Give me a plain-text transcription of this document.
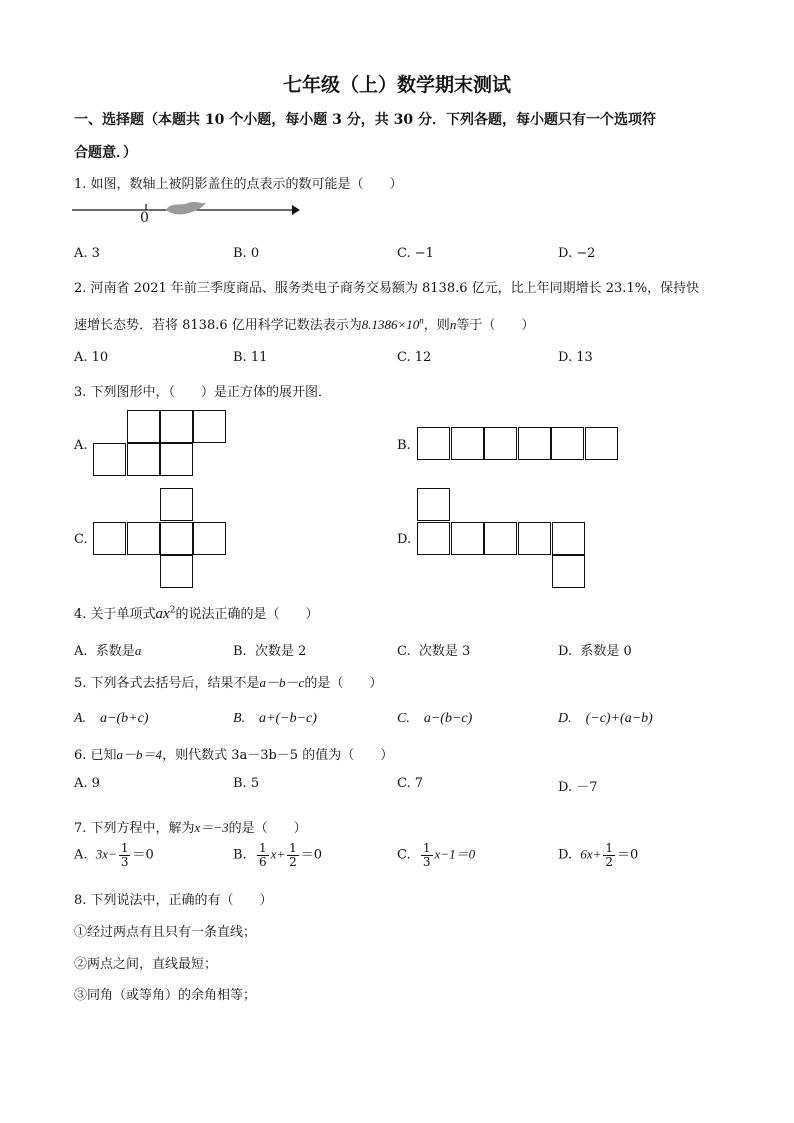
七年级（上）数学期末测试
一、选择题（本题共 10 个小题，每小题 3 分，共 30 分．下列各题，每小题只有一个选项符
合题意．）
1. 如图，数轴上被阴影盖住的点表示的数可能是（　　）
0
A. 3	B. 0	C. −1	D. −2
2. 河南省 2021 年前三季度商品、服务类电子商务交易额为 8138.6 亿元，比上年同期增长 23.1%，保持快
速增长态势．若将 8138.6 亿用科学记数法表示为$8.1386\times 10^n$，则n等于（　　）
A. 10	B. 11	C. 12	D. 13
3. 下列图形中，（　　）是正方体的展开图．
A.	B.
C.	D.
4. 关于单项式$ax^2$的说法正确的是（　　）
A. 系数是a	B. 次数是 2	C. 次数是 3	D. 系数是 0
5. 下列各式去括号后，结果不是a－b－c的是（　　）
A.　a−(b+c)	B.　a+(−b−c)	C.　a−(b−c)	D.　(−c)+(a−b)
6. 已知a－b＝4，则代数式 3a－3b－5 的值为（　　）
A. 9	B. 5	C. 7	D. －7
7. 下列方程中，解为x＝−3的是（　　）
A. $3x- \frac{1}{3} =0$	B. $\frac{1}{6} x+ \frac{1}{2} =0$	C. $\frac{1}{3} x-1=0$	D. $6x+ \frac{1}{2} =0$
8. 下列说法中，正确的有（　　）
①经过两点有且只有一条直线；
②两点之间，直线最短；
③同角（或等角）的余角相等；
